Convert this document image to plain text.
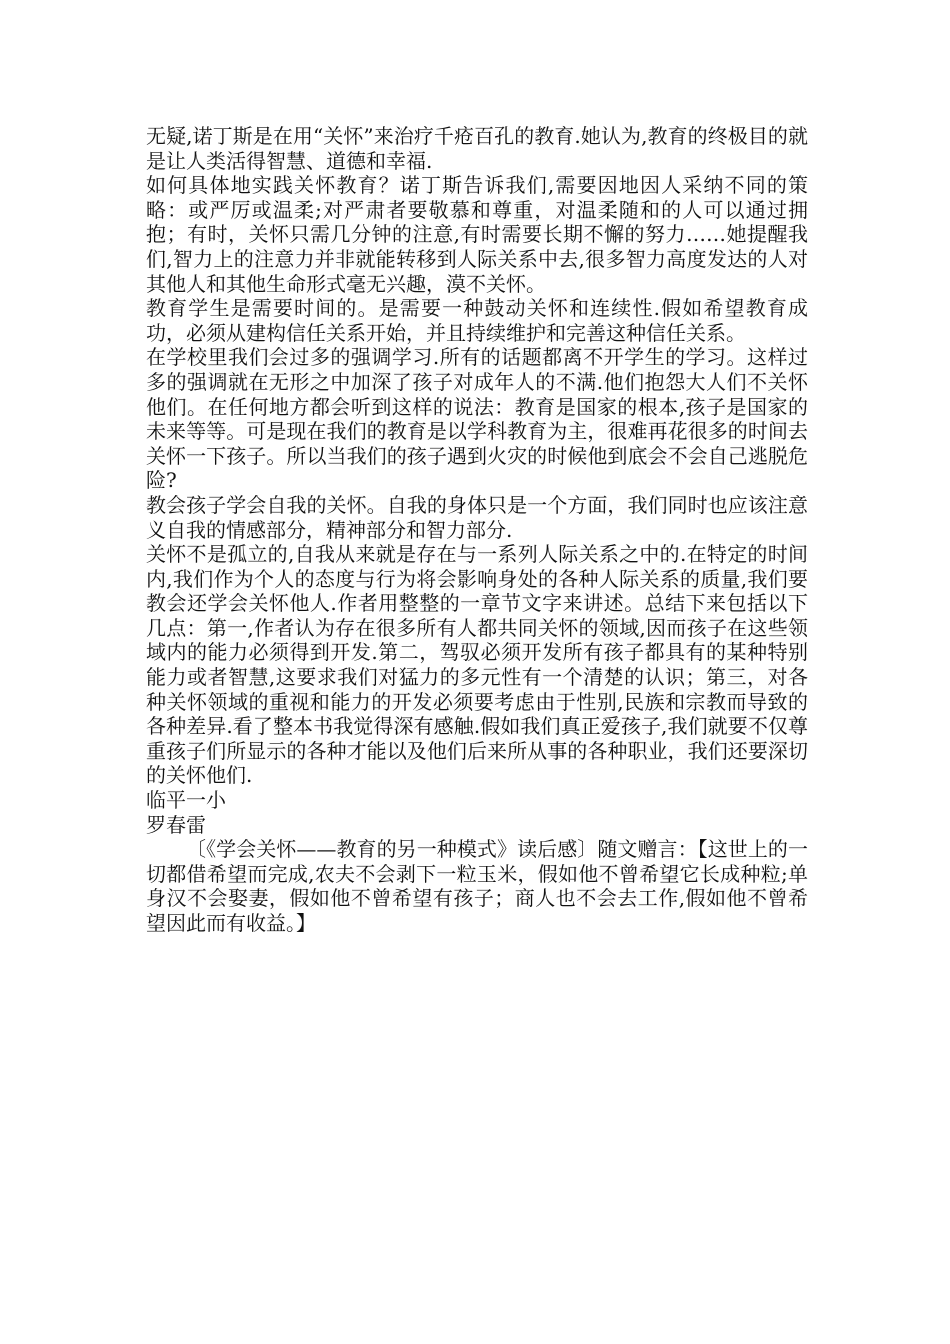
无疑,诺丁斯是在用“关怀”来治疗千疮百孔的教育.她认为,教育的终极目的就是让人类活得智慧、道德和幸福.

如何具体地实践关怀教育？诺丁斯告诉我们,需要因地因人采纳不同的策略：或严厉或温柔;对严肃者要敬慕和尊重，对温柔随和的人可以通过拥抱；有时，关怀只需几分钟的注意,有时需要长期不懈的努力……她提醒我们,智力上的注意力并非就能转移到人际关系中去,很多智力高度发达的人对其他人和其他生命形式毫无兴趣，漠不关怀。

教育学生是需要时间的。是需要一种鼓动关怀和连续性.假如希望教育成功，必须从建构信任关系开始，并且持续维护和完善这种信任关系。

在学校里我们会过多的强调学习.所有的话题都离不开学生的学习。这样过多的强调就在无形之中加深了孩子对成年人的不满.他们抱怨大人们不关怀他们。在任何地方都会听到这样的说法：教育是国家的根本,孩子是国家的未来等等。可是现在我们的教育是以学科教育为主，很难再花很多的时间去关怀一下孩子。所以当我们的孩子遇到火灾的时候他到底会不会自己逃脱危险?

教会孩子学会自我的关怀。自我的身体只是一个方面，我们同时也应该注意义自我的情感部分，精神部分和智力部分.

关怀不是孤立的,自我从来就是存在与一系列人际关系之中的.在特定的时间内,我们作为个人的态度与行为将会影响身处的各种人际关系的质量,我们要教会还学会关怀他人.作者用整整的一章节文字来讲述。总结下来包括以下几点：第一,作者认为存在很多所有人都共同关怀的领域,因而孩子在这些领域内的能力必须得到开发.第二，驾驭必须开发所有孩子都具有的某种特别能力或者智慧,这要求我们对猛力的多元性有一个清楚的认识；第三，对各种关怀领域的重视和能力的开发必须要考虑由于性别,民族和宗教而导致的各种差异.看了整本书我觉得深有感触.假如我们真正爱孩子,我们就要不仅尊重孩子们所显示的各种才能以及他们后来所从事的各种职业，我们还要深切的关怀他们.

临平一小

罗春雷

〔《学会关怀——教育的另一种模式》读后感〕随文赠言：【这世上的一切都借希望而完成,农夫不会剥下一粒玉米，假如他不曾希望它长成种粒;单身汉不会娶妻，假如他不曾希望有孩子；商人也不会去工作,假如他不曾希望因此而有收益。】
